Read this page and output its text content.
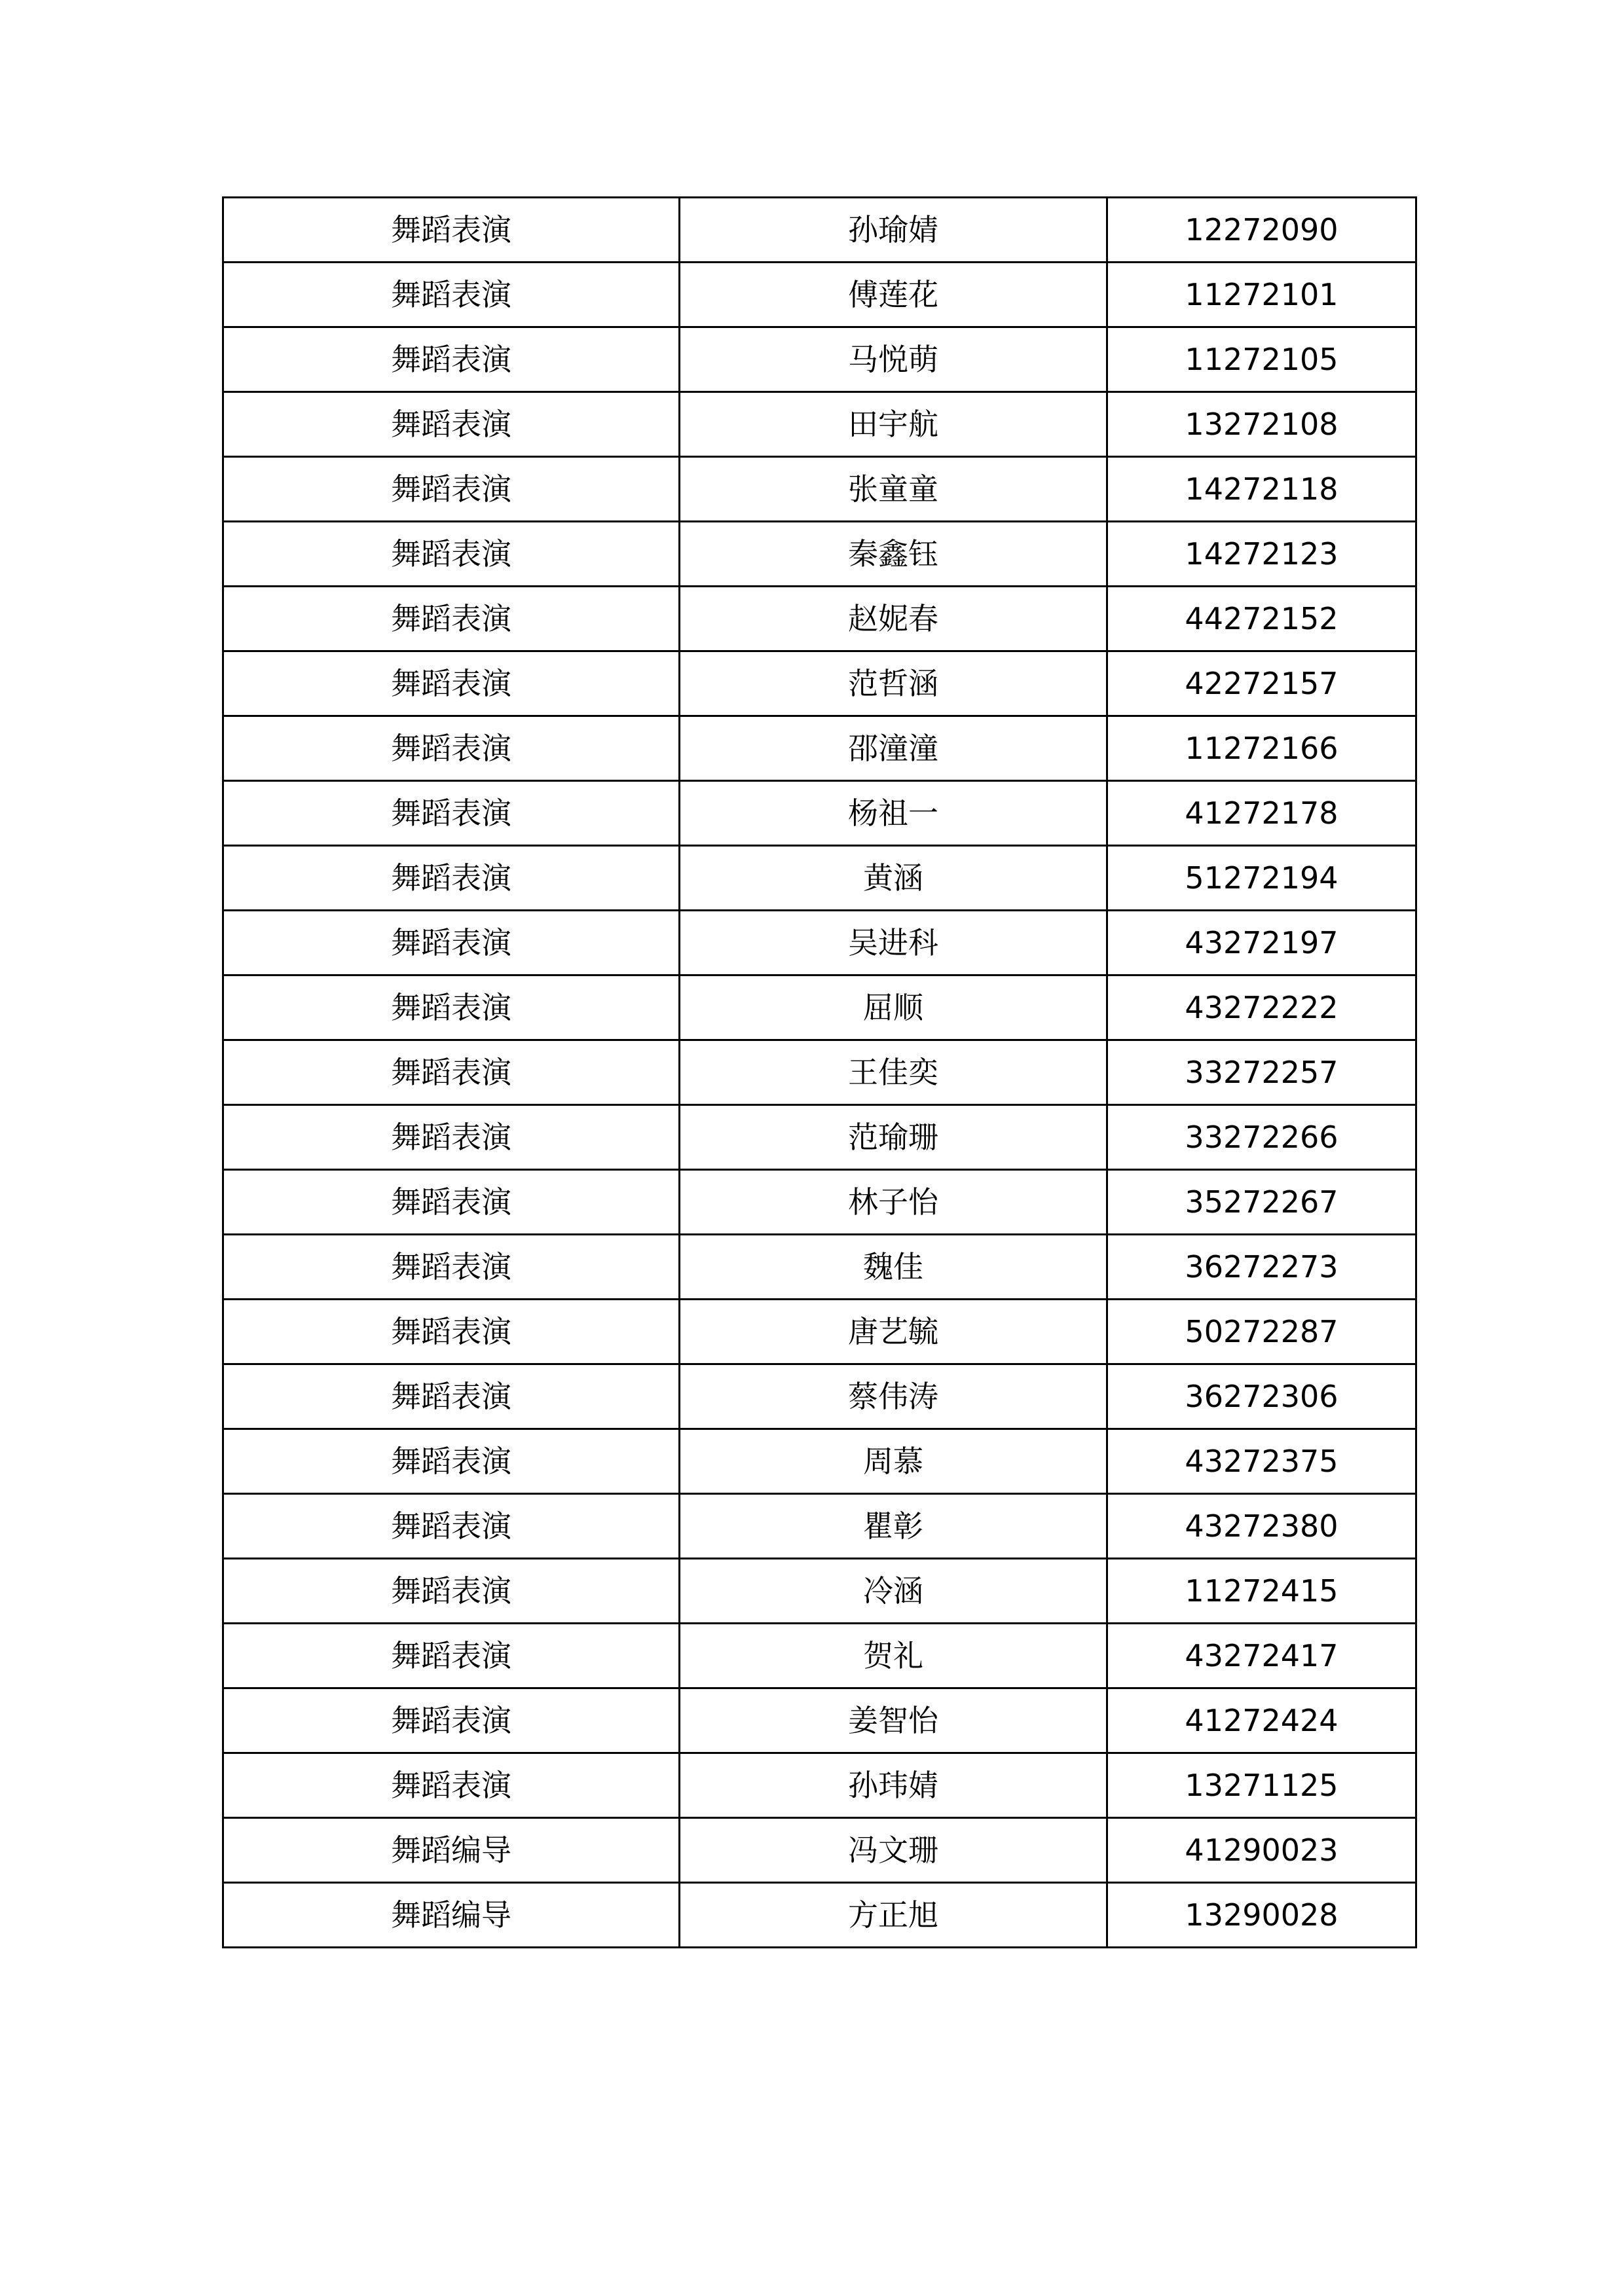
舞蹈表演	孙瑜婧	12272090
舞蹈表演	傅莲花	11272101
舞蹈表演	马悦萌	11272105
舞蹈表演	田宇航	13272108
舞蹈表演	张童童	14272118
舞蹈表演	秦鑫钰	14272123
舞蹈表演	赵妮春	44272152
舞蹈表演	范哲涵	42272157
舞蹈表演	邵潼潼	11272166
舞蹈表演	杨祖一	41272178
舞蹈表演	黄涵	51272194
舞蹈表演	吴进科	43272197
舞蹈表演	屈顺	43272222
舞蹈表演	王佳奕	33272257
舞蹈表演	范瑜珊	33272266
舞蹈表演	林子怡	35272267
舞蹈表演	魏佳	36272273
舞蹈表演	唐艺毓	50272287
舞蹈表演	蔡伟涛	36272306
舞蹈表演	周慕	43272375
舞蹈表演	瞿彰	43272380
舞蹈表演	冷涵	11272415
舞蹈表演	贺礼	43272417
舞蹈表演	姜智怡	41272424
舞蹈表演	孙玮婧	13271125
舞蹈编导	冯文珊	41290023
舞蹈编导	方正旭	13290028
